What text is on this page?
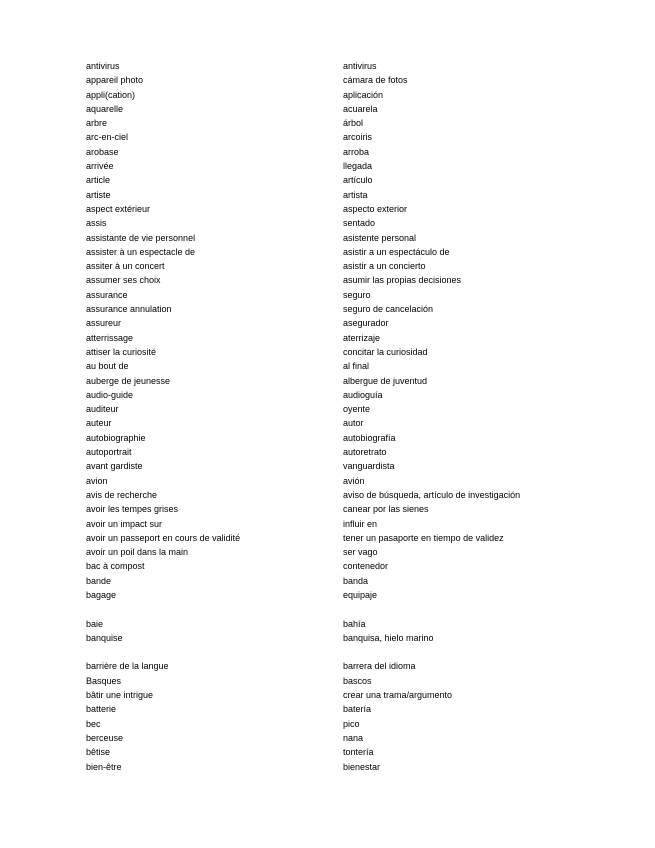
antivirus	antivirus
appareil photo	cámara de fotos
appli(cation)	aplicación
aquarelle	acuarela
arbre	árbol
arc-en-ciel	arcoiris
arobase	arroba
arrivée	llegada
article	artículo
artiste	artista
aspect extérieur	aspecto exterior
assis	sentado
assistante de vie personnel	asistente personal
assister à un espectacle de	asistir a un espectáculo de
assiter à un concert	asistir a un concierto
assumer ses choix	asumir las propias decisiones
assurance	seguro
assurance annulation	seguro de cancelación
assureur	asegurador
atterrissage	aterrizaje
attiser la curiosité	concitar la curiosidad
au bout de	al final
auberge de jeunesse	albergue de juventud
audio-guide	audioguía
auditeur	oyente
auteur	autor
autobiographie	autobiografía
autoportrait	autoretrato
avant gardiste	vanguardista
avion	avión
avis de recherche	aviso de búsqueda, artículo de investigación
avoir les tempes grises	canear por las sienes
avoir un impact sur	influir en
avoir un passeport en cours de validité	tener un pasaporte en tiempo de validez
avoir un poil dans la main	ser vago
bac à compost	contenedor
bande	banda
bagage	equipaje
baie	bahía
banquise	banquisa, hielo marino
barrière de la langue	barrera del idioma
Basques	bascos
bâtir une intrigue	crear una trama/argumento
batterie	batería
bec	pico
berceuse	nana
bêtise	tontería
bien-être	bienestar
